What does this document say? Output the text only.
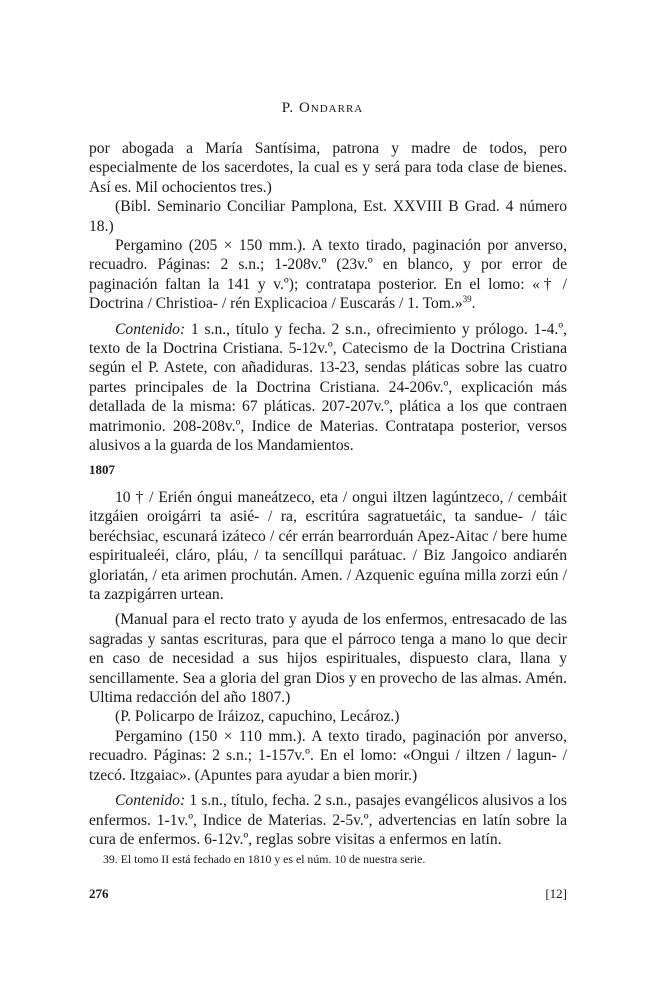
P. Ondarra

por abogada a María Santísima, patrona y madre de todos, pero especialmente de los sacerdotes, la cual es y será para toda clase de bienes. Así es. Mil ochocientos tres.)

(Bibl. Seminario Conciliar Pamplona, Est. XXVIII B Grad. 4 número 18.)

Pergamino (205 × 150 mm.). A texto tirado, paginación por anverso, recuadro. Páginas: 2 s.n.; 1-208v.º (23v.º en blanco, y por error de paginación faltan la 141 y v.º); contratapa posterior. En el lomo: «† / Doctrina / Christioa- / rén Explicacioa / Euscarás / 1. Tom.»$^{39}$.

Contenido: 1 s.n., título y fecha. 2 s.n., ofrecimiento y prólogo. 1-4.º, texto de la Doctrina Cristiana. 5-12v.º, Catecismo de la Doctrina Cristiana según el P. Astete, con añadiduras. 13-23, sendas pláticas sobre las cuatro partes principales de la Doctrina Cristiana. 24-206v.º, explicación más detallada de la misma: 67 pláticas. 207-207v.º, plática a los que contraen matrimonio. 208-208v.º, Indice de Materias. Contratapa posterior, versos alusivos a la guarda de los Mandamientos.

1807

10 † / Erién óngui maneátzeco, eta / ongui iltzen lagúntzeco, / cembáit itzgáien oroigárri ta asié- / ra, escritúra sagratuetáic, ta sandue- / táic beréchsiac, escunará izáteco / cér errán bearrorduán Apez-Aitac / bere hume espiritualeéi, cláro, pláu, / ta sencíllqui parátuac. / Biz Jangoico andiarén gloriatán, / eta arimen prochután. Amen. / Azquenic eguína milla zorzi eún / ta zazpigárren urtean.

(Manual para el recto trato y ayuda de los enfermos, entresacado de las sagradas y santas escrituras, para que el párroco tenga a mano lo que decir en caso de necesidad a sus hijos espirituales, dispuesto clara, llana y sencillamente. Sea a gloria del gran Dios y en provecho de las almas. Amén. Ultima redacción del año 1807.)

(P. Policarpo de Iráizoz, capuchino, Lecároz.)

Pergamino (150 × 110 mm.). A texto tirado, paginación por anverso, recuadro. Páginas: 2 s.n.; 1-157v.º. En el lomo: «Ongui / iltzen / lagun- / tzecó. Itzgaiac». (Apuntes para ayudar a bien morir.)

Contenido: 1 s.n., título, fecha. 2 s.n., pasajes evangélicos alusivos a los enfermos. 1-1v.º, Indice de Materias. 2-5v.º, advertencias en latín sobre la cura de enfermos. 6-12v.º, reglas sobre visitas a enfermos en latín.

39. El tomo II está fechado en 1810 y es el núm. 10 de nuestra serie.
276	[12]
